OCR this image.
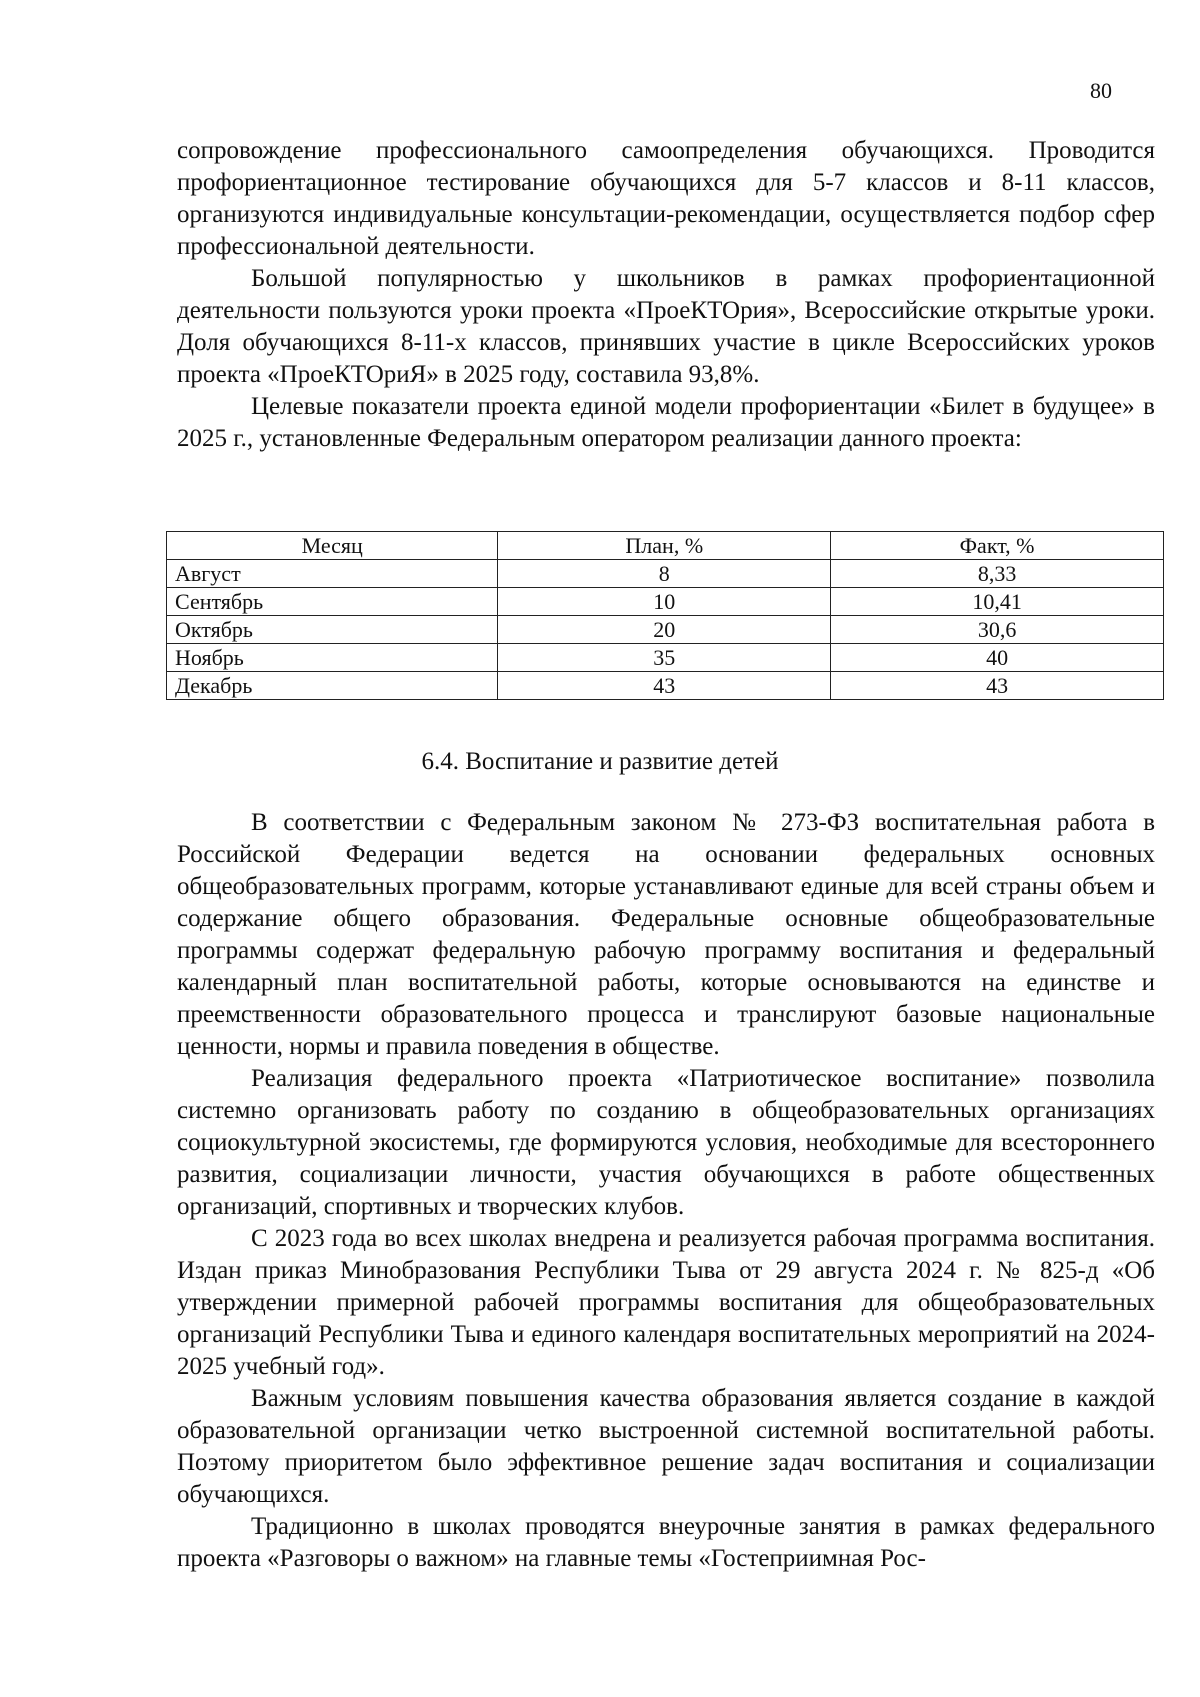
80

сопровождение профессионального самоопределения обучающихся. Проводится профориентационное тестирование обучающихся для 5-7 классов и 8-11 классов, организуются индивидуальные консультации-рекомендации, осуществляется подбор сфер профессиональной деятельности.

Большой популярностью у школьников в рамках профориентационной деятельности пользуются уроки проекта «ПроеКТОрия», Всероссийские открытые уроки. Доля обучающихся 8-11-х классов, принявших участие в цикле Всероссийских уроков проекта «ПроеКТОриЯ» в 2025 году, составила 93,8%.

Целевые показатели проекта единой модели профориентации «Билет в будущее» в 2025 г., установленные Федеральным оператором реализации данного проекта:

Месяц	План, %	Факт, %
Август	8	8,33
Сентябрь	10	10,41
Октябрь	20	30,6
Ноябрь	35	40
Декабрь	43	43
6.4. Воспитание и развитие детей

В соответствии с Федеральным законом № 273-ФЗ воспитательная работа в Российской Федерации ведется на основании федеральных основных общеобразовательных программ, которые устанавливают единые для всей страны объем и содержание общего образования. Федеральные основные общеобразовательные программы содержат федеральную рабочую программу воспитания и федеральный календарный план воспитательной работы, которые основываются на единстве и преемственности образовательного процесса и транслируют базовые национальные ценности, нормы и правила поведения в обществе.

Реализация федерального проекта «Патриотическое воспитание» позволила системно организовать работу по созданию в общеобразовательных организациях социокультурной экосистемы, где формируются условия, необходимые для всестороннего развития, социализации личности, участия обучающихся в работе общественных организаций, спортивных и творческих клубов.

С 2023 года во всех школах внедрена и реализуется рабочая программа воспитания. Издан приказ Минобразования Республики Тыва от 29 августа 2024 г. № 825-д «Об утверждении примерной рабочей программы воспитания для общеобразовательных организаций Республики Тыва и единого календаря воспитательных мероприятий на 2024-2025 учебный год».

Важным условиям повышения качества образования является создание в каждой образовательной организации четко выстроенной системной воспитательной работы. Поэтому приоритетом было эффективное решение задач воспитания и социализации обучающихся.

Традиционно в школах проводятся внеурочные занятия в рамках федерального проекта «Разговоры о важном» на главные темы «Гостеприимная Рос-
